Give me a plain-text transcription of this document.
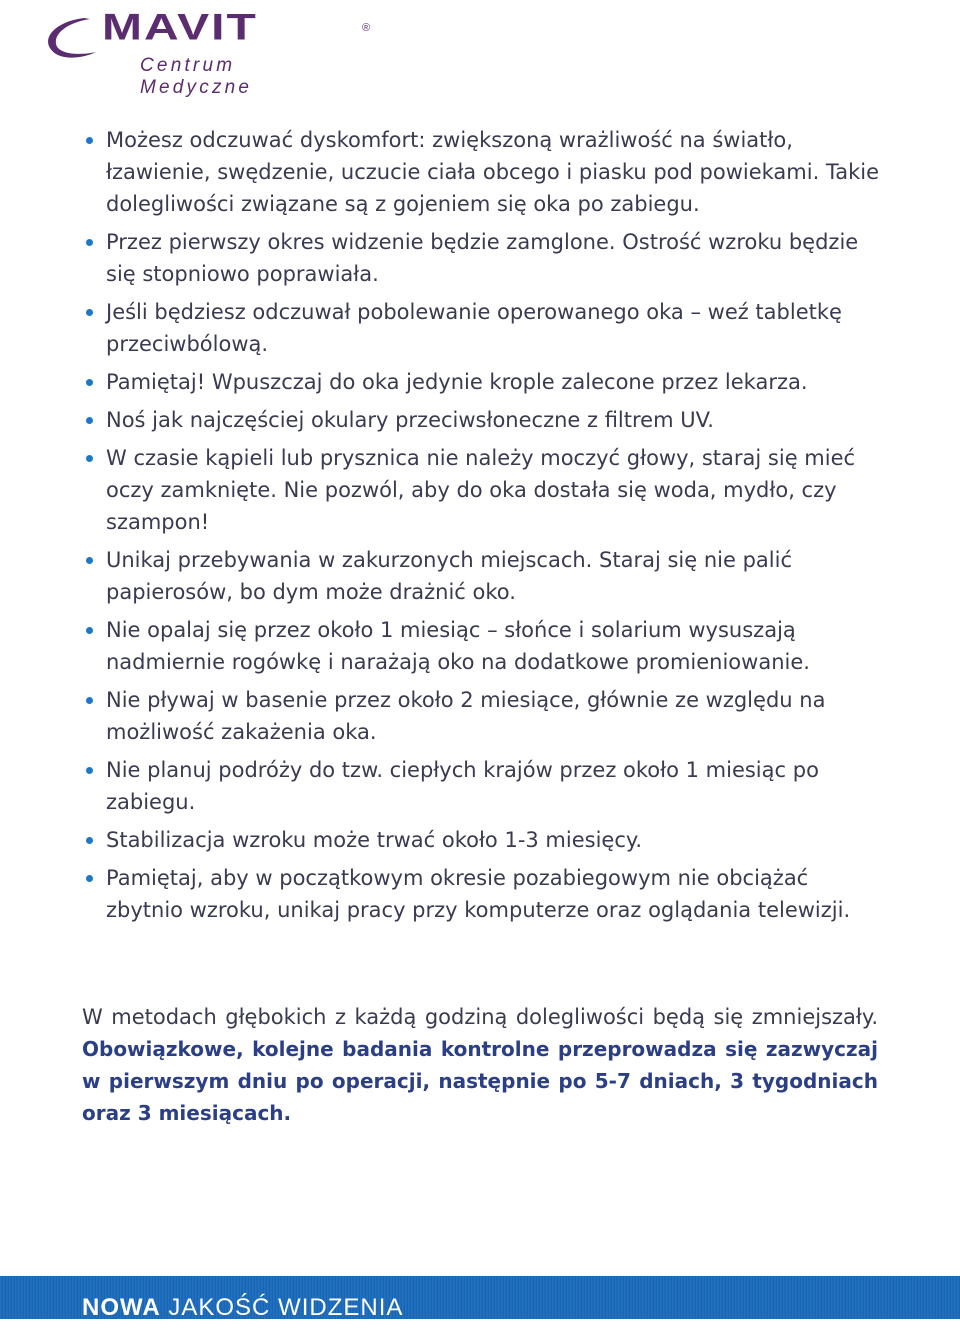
MAVIT	®
Centrum Medyczne
Możesz odczuwać dyskomfort: zwiększoną wrażliwość na światło, łzawienie, swędzenie, uczucie ciała obcego i piasku pod powiekami. Takie dolegliwości związane są z gojeniem się oka po zabiegu.
Przez pierwszy okres widzenie będzie zamglone. Ostrość wzroku będzie się stopniowo poprawiała.
Jeśli będziesz odczuwał pobolewanie operowanego oka – weź tabletkę przeciwbólową.
Pamiętaj! Wpuszczaj do oka jedynie krople zalecone przez lekarza.
Noś jak najczęściej okulary przeciwsłoneczne z filtrem UV.
W czasie kąpieli lub prysznica nie należy moczyć głowy, staraj się mieć oczy zamknięte. Nie pozwól, aby do oka dostała się woda, mydło, czy szampon!
Unikaj przebywania w zakurzonych miejscach. Staraj się nie palić papierosów, bo dym może drażnić oko.
Nie opalaj się przez około 1 miesiąc – słońce i solarium wysuszają nadmiernie rogówkę i narażają oko na dodatkowe promieniowanie.
Nie pływaj w basenie przez około 2 miesiące, głównie ze względu na możliwość zakażenia oka.
Nie planuj podróży do tzw. ciepłych krajów przez około 1 miesiąc po zabiegu.
Stabilizacja wzroku może trwać około 1-3 miesięcy.
Pamiętaj, aby w początkowym okresie pozabiegowym nie obciążać zbytnio wzroku, unikaj pracy przy komputerze oraz oglądania telewizji.

W metodach głębokich z każdą godziną dolegliwości będą się zmniejszały. Obowiązkowe, kolejne badania kontrolne przeprowadza się zazwyczaj w pierwszym dniu po operacji, następnie po 5-7 dniach, 3 tygodniach oraz 3 miesiącach.

NOWA JAKOŚĆ WIDZENIA
